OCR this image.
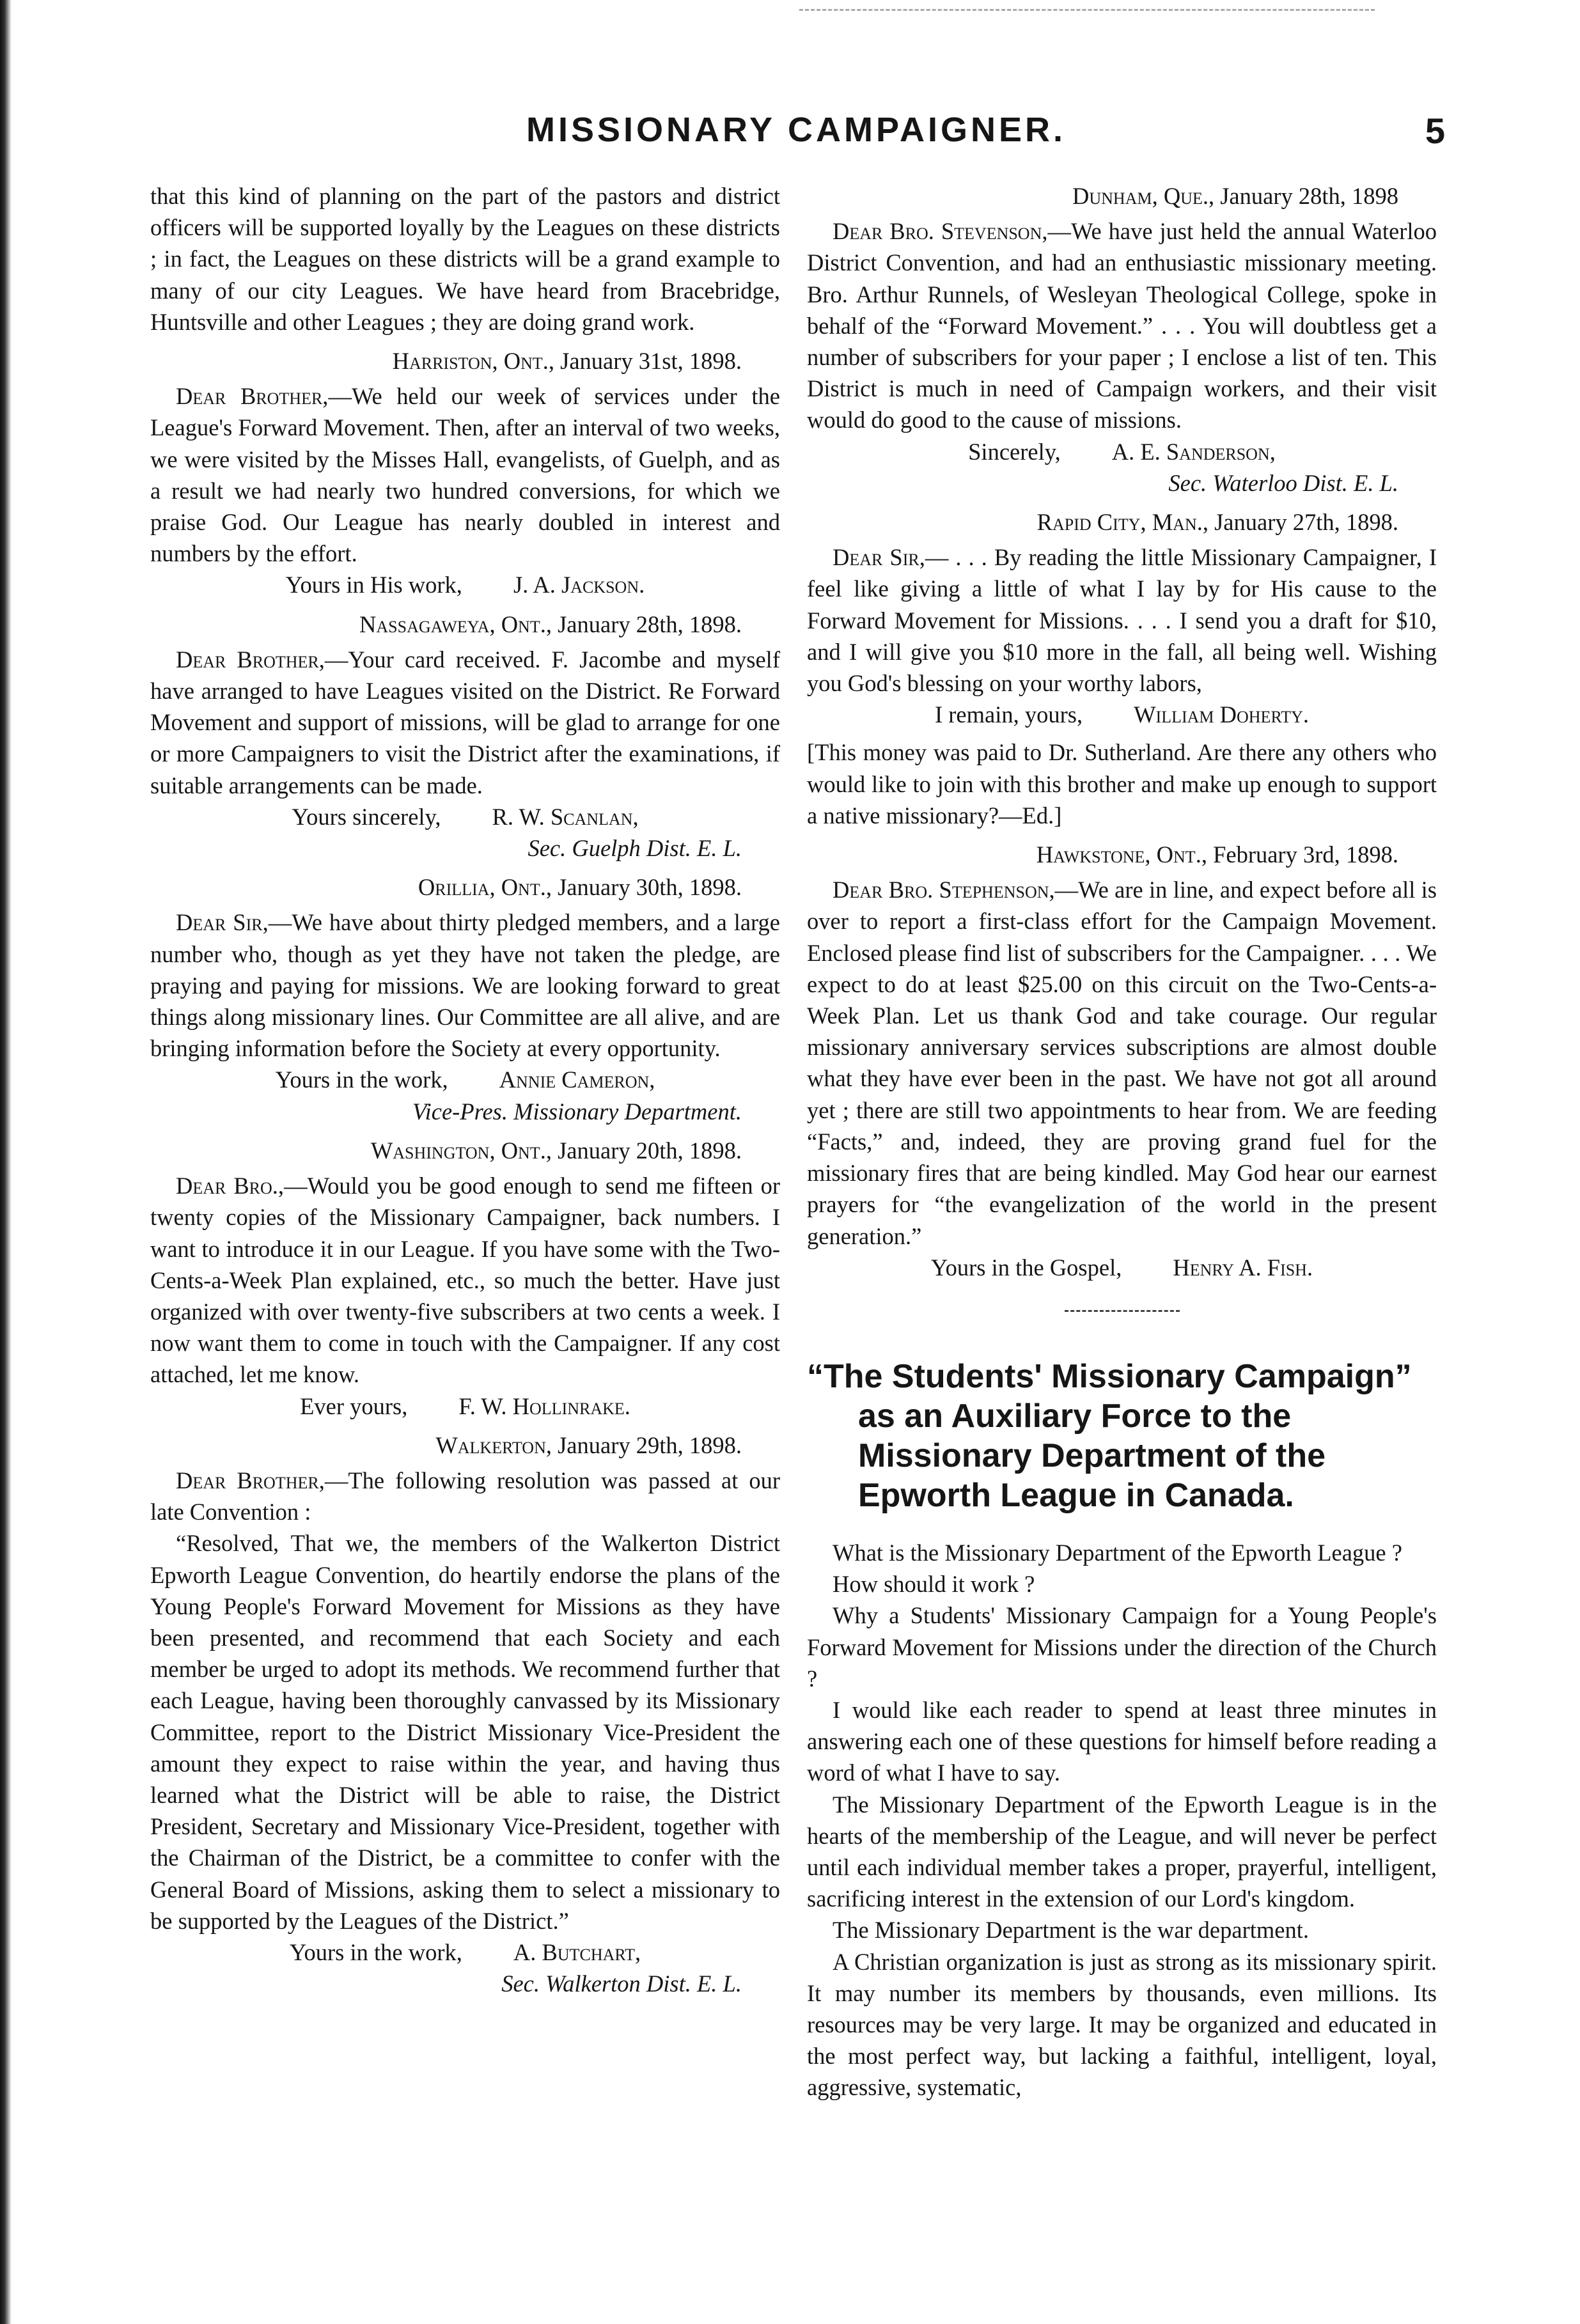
MISSIONARY CAMPAIGNER.	5

that this kind of planning on the part of the pastors and district officers will be supported loyally by the Leagues on these districts ; in fact, the Leagues on these districts will be a grand example to many of our city Leagues. We have heard from Bracebridge, Huntsville and other Leagues ; they are doing grand work.

Harriston, Ont., January 31st, 1898.

Dear Brother,—We held our week of services under the League's Forward Movement. Then, after an interval of two weeks, we were visited by the Misses Hall, evangelists, of Guelph, and as a result we had nearly two hundred conversions, for which we praise God. Our League has nearly doubled in interest and numbers by the effort.

Yours in His work, J. A. Jackson.
Nassagaweya, Ont., January 28th, 1898.

Dear Brother,—Your card received. F. Jacombe and myself have arranged to have Leagues visited on the District. Re Forward Movement and support of missions, will be glad to arrange for one or more Campaigners to visit the District after the examinations, if suitable arrangements can be made.

Yours sincerely, R. W. Scanlan,
Sec. Guelph Dist. E. L.
Orillia, Ont., January 30th, 1898.

Dear Sir,—We have about thirty pledged members, and a large number who, though as yet they have not taken the pledge, are praying and paying for missions. We are looking forward to great things along missionary lines. Our Committee are all alive, and are bringing information before the Society at every opportunity.

Yours in the work, Annie Cameron,
Vice-Pres. Missionary Department.
Washington, Ont., January 20th, 1898.

Dear Bro.,—Would you be good enough to send me fifteen or twenty copies of the Missionary Campaigner, back numbers. I want to introduce it in our League. If you have some with the Two-Cents-a-Week Plan explained, etc., so much the better. Have just organized with over twenty-five subscribers at two cents a week. I now want them to come in touch with the Campaigner. If any cost attached, let me know.

Ever yours, F. W. Hollinrake.
Walkerton, January 29th, 1898.

Dear Brother,—The following resolution was passed at our late Convention :

“Resolved, That we, the members of the Walkerton District Epworth League Convention, do heartily endorse the plans of the Young People's Forward Movement for Missions as they have been presented, and recommend that each Society and each member be urged to adopt its methods. We recommend further that each League, having been thoroughly canvassed by its Missionary Committee, report to the District Missionary Vice-President the amount they expect to raise within the year, and having thus learned what the District will be able to raise, the District President, Secretary and Missionary Vice-President, together with the Chairman of the District, be a committee to confer with the General Board of Missions, asking them to select a missionary to be supported by the Leagues of the District.”

Yours in the work, A. Butchart,
Sec. Walkerton Dist. E. L.
Dunham, Que., January 28th, 1898

Dear Bro. Stevenson,—We have just held the annual Waterloo District Convention, and had an enthusiastic missionary meeting. Bro. Arthur Runnels, of Wesleyan Theological College, spoke in behalf of the “Forward Movement.” . . . You will doubtless get a number of subscribers for your paper ; I enclose a list of ten. This District is much in need of Campaign workers, and their visit would do good to the cause of missions.

Sincerely, A. E. Sanderson,
Sec. Waterloo Dist. E. L.
Rapid City, Man., January 27th, 1898.

Dear Sir,— . . . By reading the little Missionary Campaigner, I feel like giving a little of what I lay by for His cause to the Forward Movement for Missions. . . . I send you a draft for $10, and I will give you $10 more in the fall, all being well. Wishing you God's blessing on your worthy labors,

I remain, yours, William Doherty.

[This money was paid to Dr. Sutherland. Are there any others who would like to join with this brother and make up enough to support a native missionary?—Ed.]

Hawkstone, Ont., February 3rd, 1898.

Dear Bro. Stephenson,—We are in line, and expect before all is over to report a first-class effort for the Campaign Movement. Enclosed please find list of subscribers for the Campaigner. . . . We expect to do at least $25.00 on this circuit on the Two-Cents-a-Week Plan. Let us thank God and take courage. Our regular missionary anniversary services subscriptions are almost double what they have ever been in the past. We have not got all around yet ; there are still two appointments to hear from. We are feeding “Facts,” and, indeed, they are proving grand fuel for the missionary fires that are being kindled. May God hear our earnest prayers for “the evangelization of the world in the present generation.”

Yours in the Gospel, Henry A. Fish.
“The Students' Missionary Campaign” as an Auxiliary Force to the Missionary Department of the Epworth League in Canada.

What is the Missionary Department of the Epworth League ?

How should it work ?

Why a Students' Missionary Campaign for a Young People's Forward Movement for Missions under the direction of the Church ?

I would like each reader to spend at least three minutes in answering each one of these questions for himself before reading a word of what I have to say.

The Missionary Department of the Epworth League is in the hearts of the membership of the League, and will never be perfect until each individual member takes a proper, prayerful, intelligent, sacrificing interest in the extension of our Lord's kingdom.

The Missionary Department is the war department.

A Christian organization is just as strong as its missionary spirit. It may number its members by thousands, even millions. Its resources may be very large. It may be organized and educated in the most perfect way, but lacking a faithful, intelligent, loyal, aggressive, systematic,
